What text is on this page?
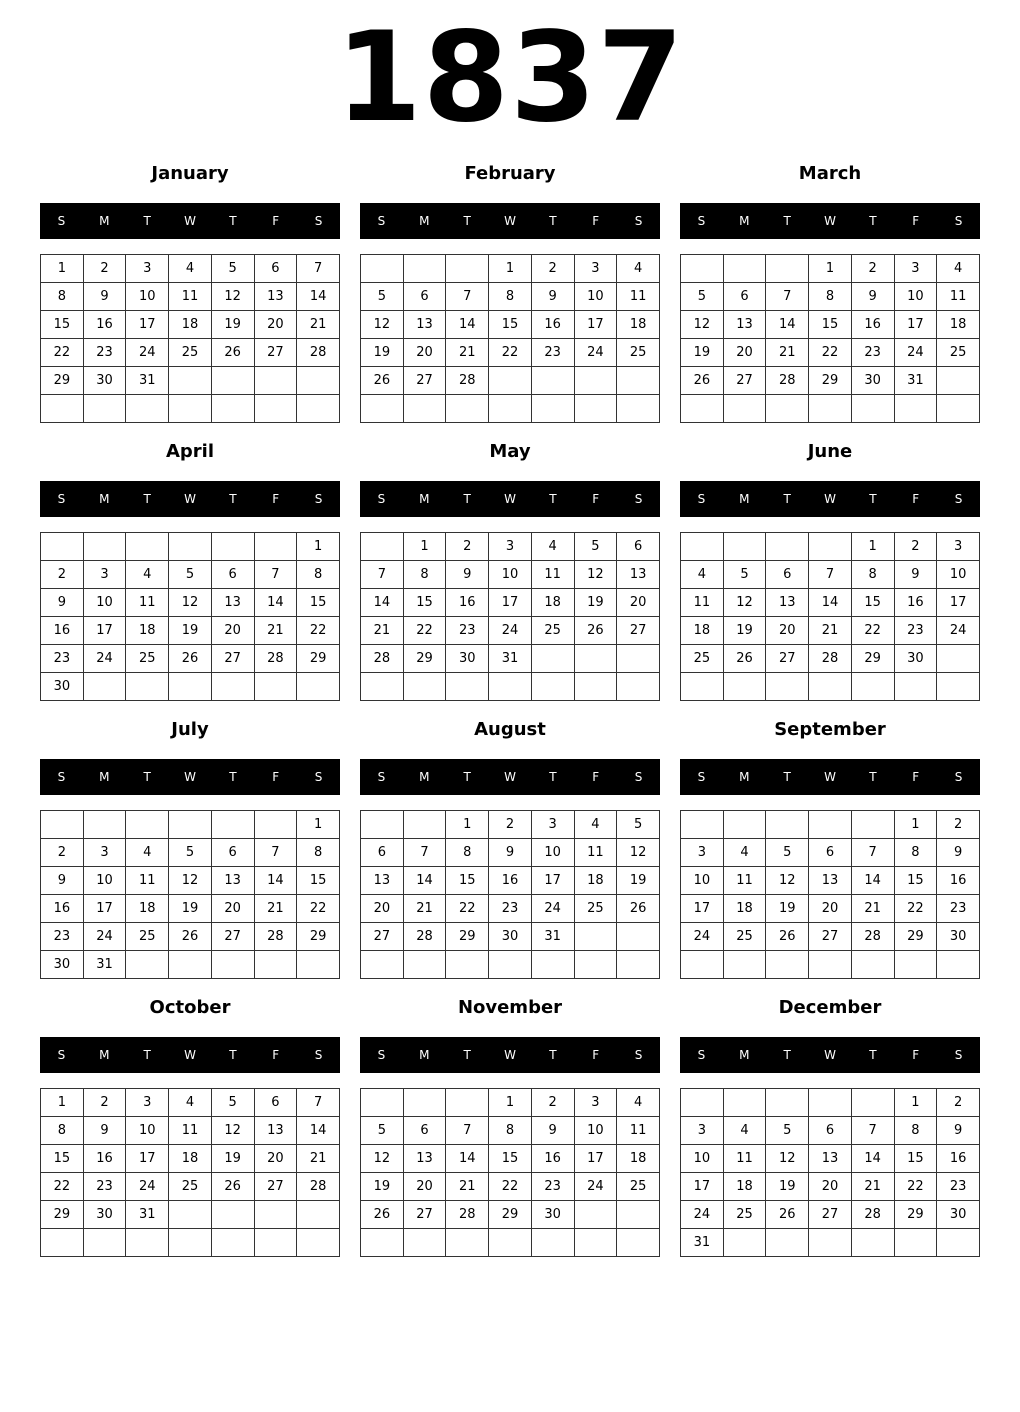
1837
January
S	M	T	W	T	F	S
1	2	3	4	5	6	7
8	9	10	11	12	13	14
15	16	17	18	19	20	21
22	23	24	25	26	27	28
29	30	31				

February
S	M	T	W	T	F	S
			1	2	3	4
5	6	7	8	9	10	11
12	13	14	15	16	17	18
19	20	21	22	23	24	25
26	27	28				

March
S	M	T	W	T	F	S
			1	2	3	4
5	6	7	8	9	10	11
12	13	14	15	16	17	18
19	20	21	22	23	24	25
26	27	28	29	30	31	

April
S	M	T	W	T	F	S
						1
2	3	4	5	6	7	8
9	10	11	12	13	14	15
16	17	18	19	20	21	22
23	24	25	26	27	28	29
30						
May
S	M	T	W	T	F	S
	1	2	3	4	5	6
7	8	9	10	11	12	13
14	15	16	17	18	19	20
21	22	23	24	25	26	27
28	29	30	31			

June
S	M	T	W	T	F	S
				1	2	3
4	5	6	7	8	9	10
11	12	13	14	15	16	17
18	19	20	21	22	23	24
25	26	27	28	29	30	

July
S	M	T	W	T	F	S
						1
2	3	4	5	6	7	8
9	10	11	12	13	14	15
16	17	18	19	20	21	22
23	24	25	26	27	28	29
30	31					
August
S	M	T	W	T	F	S
		1	2	3	4	5
6	7	8	9	10	11	12
13	14	15	16	17	18	19
20	21	22	23	24	25	26
27	28	29	30	31		

September
S	M	T	W	T	F	S
					1	2
3	4	5	6	7	8	9
10	11	12	13	14	15	16
17	18	19	20	21	22	23
24	25	26	27	28	29	30

October
S	M	T	W	T	F	S
1	2	3	4	5	6	7
8	9	10	11	12	13	14
15	16	17	18	19	20	21
22	23	24	25	26	27	28
29	30	31				

November
S	M	T	W	T	F	S
			1	2	3	4
5	6	7	8	9	10	11
12	13	14	15	16	17	18
19	20	21	22	23	24	25
26	27	28	29	30		

December
S	M	T	W	T	F	S
					1	2
3	4	5	6	7	8	9
10	11	12	13	14	15	16
17	18	19	20	21	22	23
24	25	26	27	28	29	30
31						
